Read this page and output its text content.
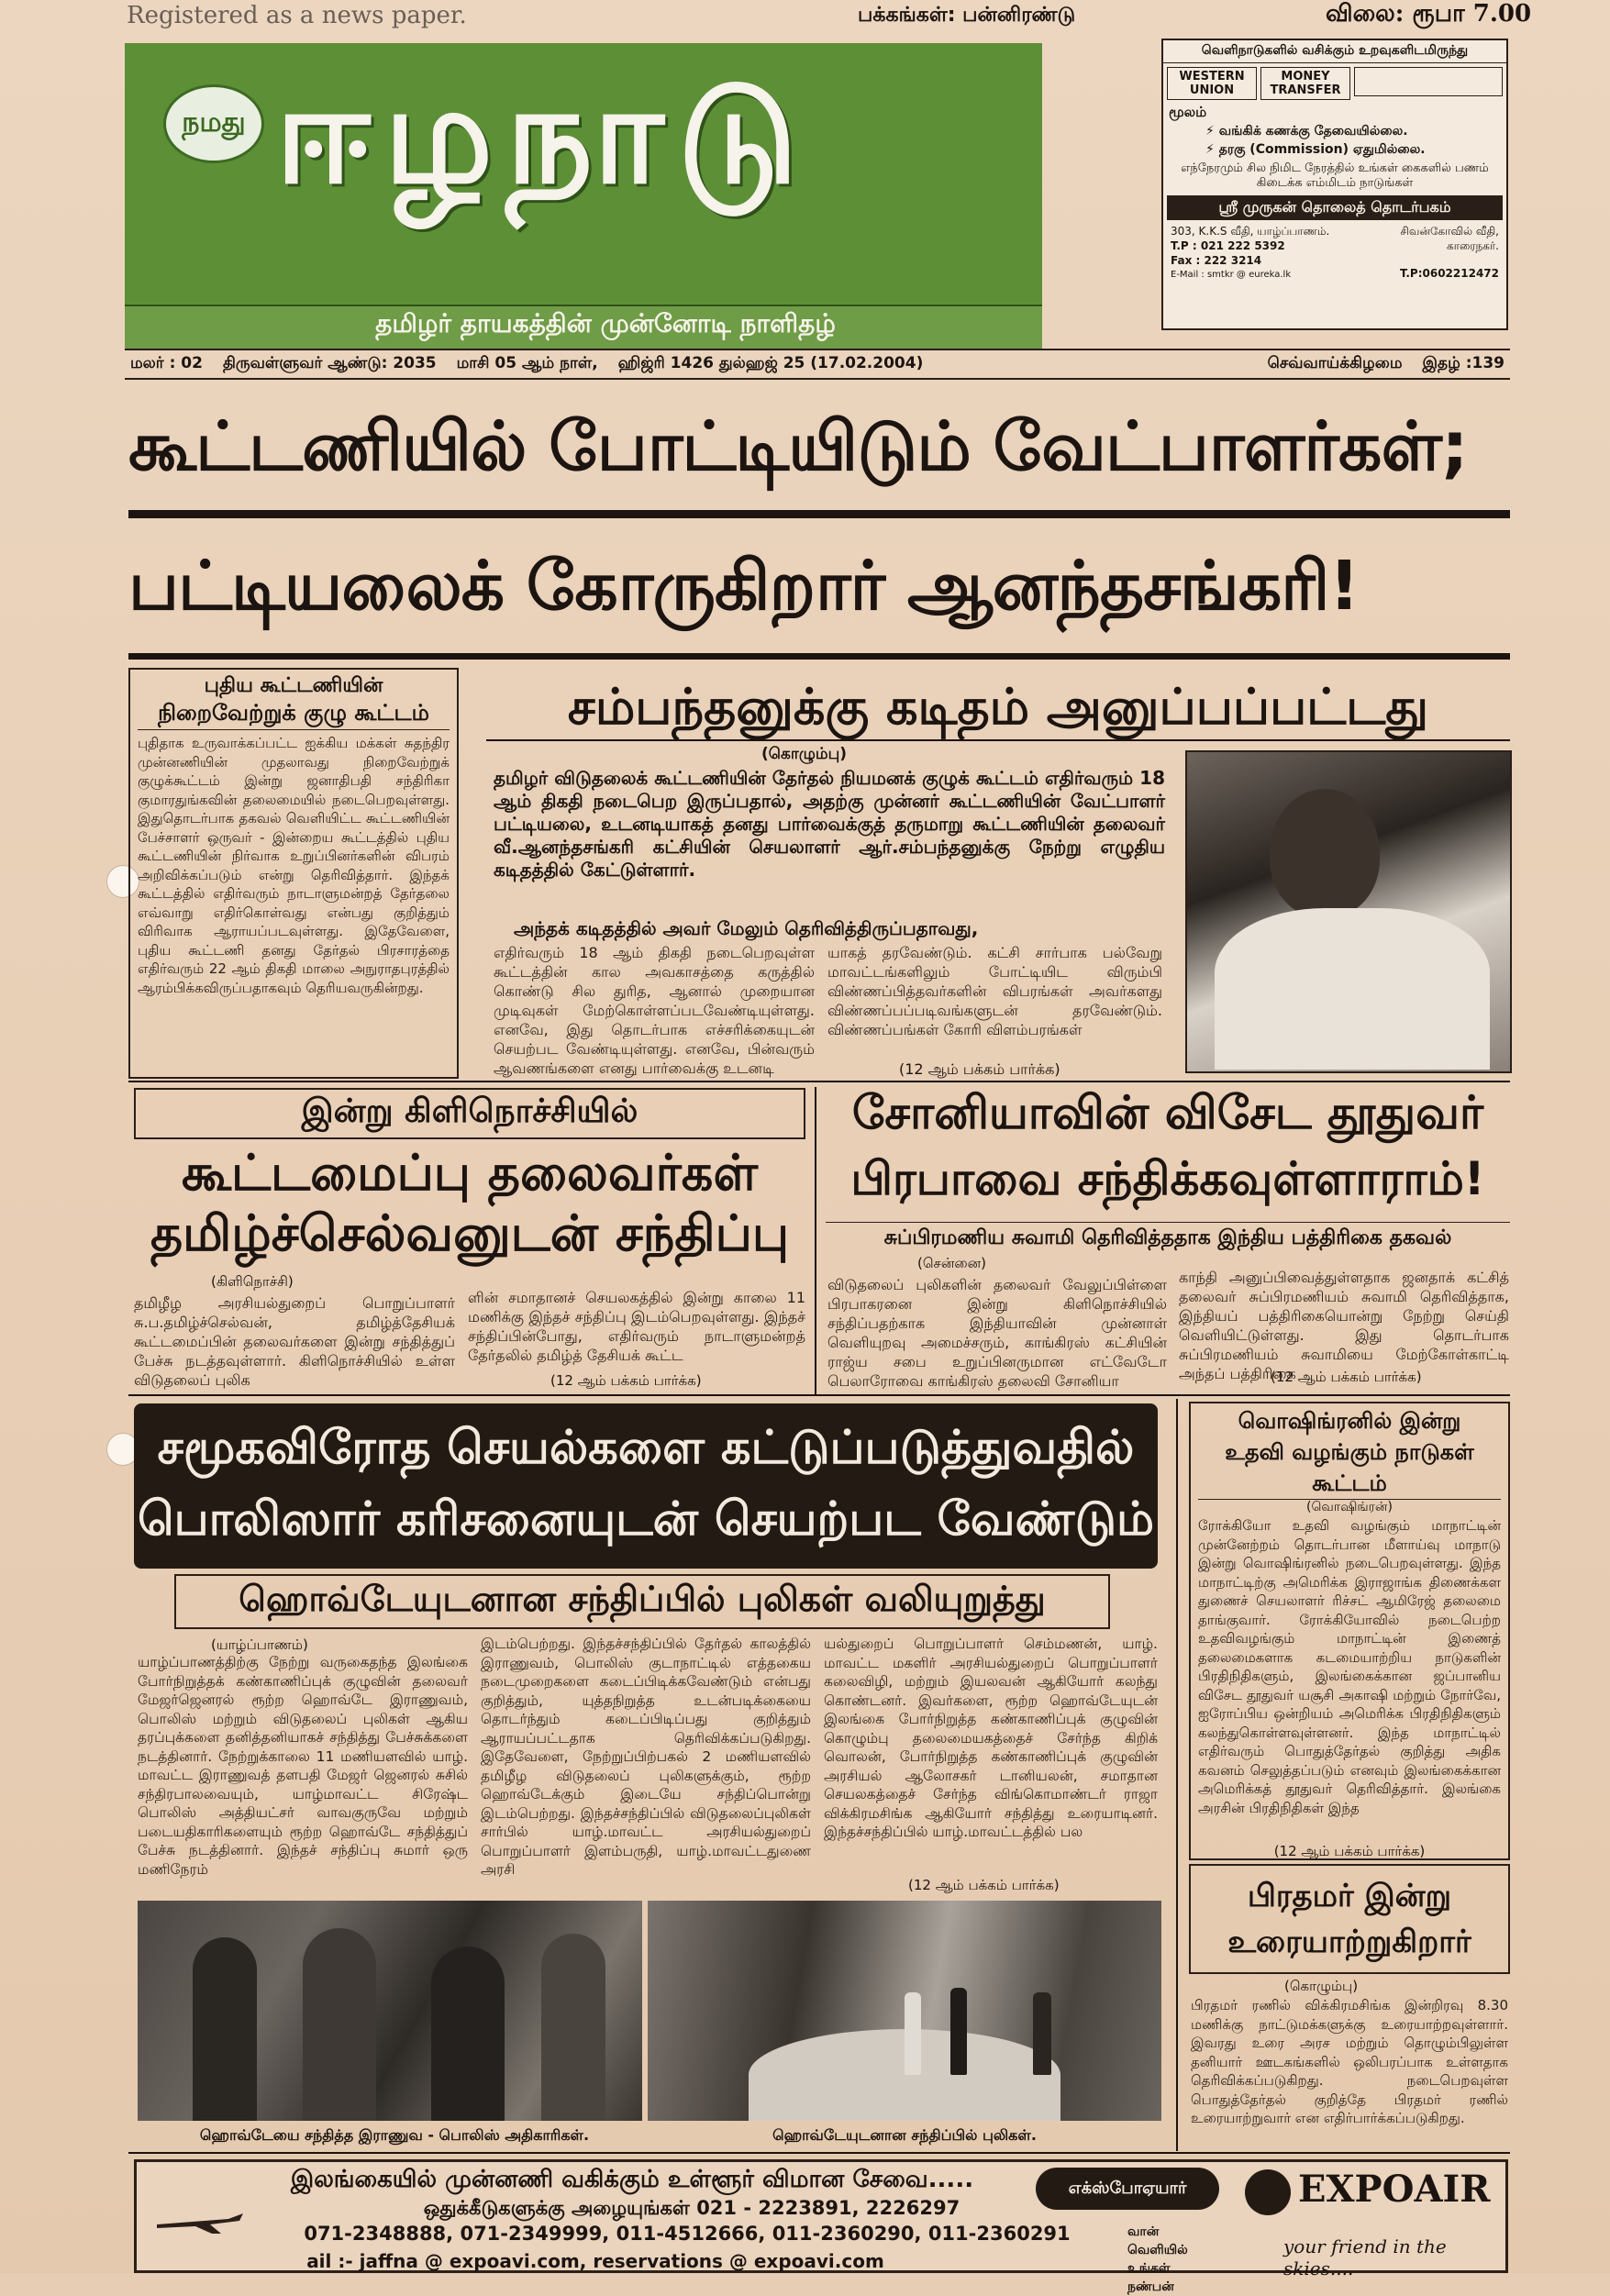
Registered as a news paper.	பக்கங்கள்: பன்னிரண்டு	விலை: ரூபா 7.00
நமது ஈழநாடு
தமிழர் தாயகத்தின் முன்னோடி நாளிதழ்
வெளிநாடுகளில் வசிக்கும் உறவுகளிடமிருந்து
WESTERN UNION
MONEY TRANSFER
மூலம்
⚡ வங்கிக் கணக்கு தேவையில்லை.
⚡ தரகு (Commission) ஏதுமில்லை.
எந்நேரமும் சில நிமிட நேரத்தில் உங்கள் கைகளில் பணம் கிடைக்க எம்மிடம் நாடுங்கள்
ஸ்ரீ முருகன் தொலைத் தொடர்பகம்
303, K.K.S வீதி, யாழ்ப்பாணம்.
T.P : 021 222 5392
Fax : 222 3214
E-Mail : smtkr @ eureka.lk
சிவன்கோவில் வீதி, காரைநகர்.
T.P:0602212472
மலர் : 02 திருவள்ளுவர் ஆண்டு: 2035 மாசி 05 ஆம் நாள், ஹிஜ்ரி 1426 துல்ஹஜ் 25 (17.02.2004)	செவ்வாய்க்கிழமை இதழ் :139
கூட்டணியில் போட்டியிடும் வேட்பாளர்கள்;
பட்டியலைக் கோருகிறார் ஆனந்தசங்கரி!
புதிய கூட்டணியின்
நிறைவேற்றுக் குழு கூட்டம்
புதிதாக உருவாக்கப்பட்ட ஐக்கிய மக்கள் சுதந்திர முன்னணியின் முதலாவது நிறைவேற்றுக் குழுக்கூட்டம் இன்று ஜனாதிபதி சந்திரிகா குமாரதுங்கவின் தலைமையில் நடைபெறவுள்ளது. இதுதொடர்பாக தகவல் வெளியிட்ட கூட்டணியின் பேச்சாளர் ஒருவர் - இன்றைய கூட்டத்தில் புதிய கூட்டணியின் நிர்வாக உறுப்பினர்களின் விபரம் அறிவிக்கப்படும் என்று தெரிவித்தார். இந்தக் கூட்டத்தில் எதிர்வரும் நாடாளுமன்றத் தேர்தலை எவ்வாறு எதிர்கொள்வது என்பது குறித்தும் விரிவாக ஆராயப்படவுள்ளது. இதேவேளை, புதிய கூட்டணி தனது தேர்தல் பிரசாரத்தை எதிர்வரும் 22 ஆம் திகதி மாலை அநுராதபுரத்தில் ஆரம்பிக்கவிருப்பதாகவும் தெரியவருகின்றது.
சம்பந்தனுக்கு கடிதம் அனுப்பப்பட்டது
(கொழும்பு)
தமிழர் விடுதலைக் கூட்டணியின் தேர்தல் நியமனக் குழுக் கூட்டம் எதிர்வரும் 18 ஆம் திகதி நடைபெற இருப்பதால், அதற்கு முன்னர் கூட்டணியின் வேட்பாளர் பட்டியலை, உடனடியாகத் தனது பார்வைக்குத் தருமாறு கூட்டணியின் தலைவர் வீ.ஆனந்தசங்கரி கட்சியின் செயலாளர் ஆர்.சம்பந்தனுக்கு நேற்று எழுதிய கடிதத்தில் கேட்டுள்ளார்.
அந்தக் கடிதத்தில் அவர் மேலும் தெரிவித்திருப்பதாவது,
எதிர்வரும் 18 ஆம் திகதி நடைபெறவுள்ள கூட்டத்தின் கால அவகாசத்தை கருத்தில் கொண்டு சில துரித, ஆனால் முறையான முடிவுகள் மேற்கொள்ளப்படவேண்டியுள்ளது. எனவே, இது தொடர்பாக எச்சரிக்கையுடன் செயற்பட வேண்டியுள்ளது. எனவே, பின்வரும் ஆவணங்களை எனது பார்வைக்கு உடனடி
யாகத் தரவேண்டும். கட்சி சார்பாக பல்வேறு மாவட்டங்களிலும் போட்டியிட விரும்பி விண்ணப்பித்தவர்களின் விபரங்கள் அவர்களது விண்ணப்பப்படிவங்களுடன் தரவேண்டும். விண்ணப்பங்கள் கோரி விளம்பரங்கள்
(12 ஆம் பக்கம் பார்க்க)
இன்று கிளிநொச்சியில்
கூட்டமைப்பு தலைவர்கள்
தமிழ்ச்செல்வனுடன் சந்திப்பு
(கிளிநொச்சி)
தமிழீழ அரசியல்துறைப் பொறுப்பாளர் சு.ப.தமிழ்ச்செல்வன், தமிழ்த்தேசியக் கூட்டமைப்பின் தலைவர்களை இன்று சந்தித்துப் பேச்சு நடத்தவுள்ளார். கிளிநொச்சியில் உள்ள விடுதலைப் புலிக
ளின் சமாதானச் செயலகத்தில் இன்று காலை 11 மணிக்கு இந்தச் சந்திப்பு இடம்பெறவுள்ளது. இந்தச் சந்திப்பின்போது, எதிர்வரும் நாடாளுமன்றத் தேர்தலில் தமிழ்த் தேசியக் கூட்ட
(12 ஆம் பக்கம் பார்க்க)
சோனியாவின் விசேட தூதுவர்
பிரபாவை சந்திக்கவுள்ளாராம்!
சுப்பிரமணிய சுவாமி தெரிவித்ததாக இந்திய பத்திரிகை தகவல்
(சென்னை)
விடுதலைப் புலிகளின் தலைவர் வேலுப்பிள்ளை பிரபாகரனை இன்று கிளிநொச்சியில் சந்திப்பதற்காக இந்தியாவின் முன்னாள் வெளியுறவு அமைச்சரும், காங்கிரஸ் கட்சியின் ராஜ்ய சபை உறுப்பினருமான எட்வேடோ பெலாரோவை காங்கிரஸ் தலைவி சோனியா
காந்தி அனுப்பிவைத்துள்ளதாக ஜனதாக் கட்சித் தலைவர் சுப்பிரமணியம் சுவாமி தெரிவித்தாக, இந்தியப் பத்திரிகையொன்று நேற்று செய்தி வெளியிட்டுள்ளது. இது தொடர்பாக சுப்பிரமணியம் சுவாமியை மேற்கோள்காட்டி அந்தப் பத்திரிகை
(12 ஆம் பக்கம் பார்க்க)
சமூகவிரோத செயல்களை கட்டுப்படுத்துவதில்
பொலிஸார் கரிசனையுடன் செயற்பட வேண்டும்
ஹொவ்டேயுடனான சந்திப்பில் புலிகள் வலியுறுத்து
(யாழ்ப்பாணம்)
யாழ்ப்பாணத்திற்கு நேற்று வருகைதந்த இலங்கை போர்நிறுத்தக் கண்காணிப்புக் குழுவின் தலைவர் மேஜர்ஜெனரல் ரூற்ற ஹொவ்டே இராணுவம், பொலிஸ் மற்றும் விடுதலைப் புலிகள் ஆகிய தரப்புக்களை தனித்தனியாகச் சந்தித்து பேச்சுக்களை நடத்தினார். நேற்றுக்காலை 11 மணியளவில் யாழ். மாவட்ட இராணுவத் தளபதி மேஜர் ஜெனரல் சுசில் சந்திரபாலவையும், யாழ்மாவட்ட சிரேஷ்ட பொலிஸ் அத்தியட்சர் வாவகுருவே மற்றும் படையதிகாரிகளையும் ரூற்ற ஹொவ்டே சந்தித்துப் பேச்சு நடத்தினார். இந்தச் சந்திப்பு சுமார் ஒரு மணிநேரம்
இடம்பெற்றது. இந்தச்சந்திப்பில் தேர்தல் காலத்தில் இராணுவம், பொலிஸ் குடாநாட்டில் எத்தகைய நடைமுறைகளை கடைப்பிடிக்கவேண்டும் என்பது குறித்தும், யுத்தநிறுத்த உடன்படிக்கையை தொடர்ந்தும் கடைப்பிடிப்பது குறித்தும் ஆராயப்பட்டதாக தெரிவிக்கப்படுகிறது. இதேவேளை, நேற்றுப்பிற்பகல் 2 மணியளவில் தமிழீழ விடுதலைப் புலிகளுக்கும், ரூற்ற ஹொவ்டேக்கும் இடையே சந்திப்பொன்று இடம்பெற்றது. இந்தச்சந்திப்பில் விடுதலைப்புலிகள் சார்பில் யாழ்.மாவட்ட அரசியல்துறைப் பொறுப்பாளர் இளம்பருதி, யாழ்.மாவட்டதுணை அரசி
யல்துறைப் பொறுப்பாளர் செம்மணன், யாழ். மாவட்ட மகளிர் அரசியல்துறைப் பொறுப்பாளர் கலைவிழி, மற்றும் இயலவன் ஆகியோர் கலந்து கொண்டனர். இவர்களை, ரூற்ற ஹொவ்டேயுடன் இலங்கை போர்நிறுத்த கண்காணிப்புக் குழுவின் கொழும்பு தலைமையகத்தைச் சேர்ந்த கிறிக் வொலன், போர்நிறுத்த கண்காணிப்புக் குழுவின் அரசியல் ஆலோசகர் டானியலன், சமாதான செயலகத்தைச் சேர்ந்த விங்கொமாண்டர் ராஜா விக்கிரமசிங்க ஆகியோர் சந்தித்து உரையாடினர். இந்தச்சந்திப்பில் யாழ்.மாவட்டத்தில் பல
(12 ஆம் பக்கம் பார்க்க)
வொஷிங்ரனில் இன்று
உதவி வழங்கும் நாடுகள் கூட்டம்
(வொஷிங்ரன்)
ரோக்கியோ உதவி வழங்கும் மாநாட்டின் முன்னேற்றம் தொடர்பான மீளாய்வு மாநாடு இன்று வொஷிங்ரனில் நடைபெறவுள்ளது. இந்த மாநாட்டிற்கு அமெரிக்க இராஜாங்க திணைக்கள துணைச் செயலாளர் ரிச்சட் ஆமிரேஜ் தலைமை தாங்குவார். ரோக்கியோவில் நடைபெற்ற உதவிவழங்கும் மாநாட்டின் இணைத் தலைமைகளாக கடமையாற்றிய நாடுகளின் பிரதிநிதிகளும், இலங்கைக்கான ஜப்பானிய விசேட தூதுவர் யசூசி அகாஷி மற்றும் நோர்வே, ஐரோப்பிய ஒன்றியம் அமெரிக்க பிரதிநிதிகளும் கலந்துகொள்ளவுள்ளனர். இந்த மாநாட்டில் எதிர்வரும் பொதுத்தேர்தல் குறித்து அதிக கவனம் செலுத்தப்படும் எனவும் இலங்கைக்கான அமெரிக்கத் தூதுவர் தெரிவித்தார். இலங்கை அரசின் பிரதிநிதிகள் இந்த
(12 ஆம் பக்கம் பார்க்க)
பிரதமர் இன்று
உரையாற்றுகிறார்
(கொழும்பு)
பிரதமர் ரணில் விக்கிரமசிங்க இன்றிரவு 8.30 மணிக்கு நாட்டுமக்களுக்கு உரையாற்றவுள்ளார். இவரது உரை அரச மற்றும் தொழும்பிலுள்ள தனியார் ஊடகங்களில் ஒலிபரப்பாக உள்ளதாக தெரிவிக்கப்படுகிறது. நடைபெறவுள்ள பொதுத்தேர்தல் குறித்தே பிரதமர் ரணில் உரையாற்றுவார் என எதிர்பார்க்கப்படுகிறது.
ஹொவ்டேயை சந்தித்த இராணுவ - பொலிஸ் அதிகாரிகள்.	ஹொவ்டேயுடனான சந்திப்பில் புலிகள்.
இலங்கையில் முன்னணி வகிக்கும் உள்ளூர் விமான சேவை.....
ஒதுக்கீடுகளுக்கு அழையுங்கள் 021 - 2223891, 2226297
071-2348888, 071-2349999, 011-4512666, 011-2360290, 011-2360291
ail :- jaffna @ expoavi.com, reservations @ expoavi.com
எக்ஸ்போஏயார்	EXPOAIR
வான் வெளியில் உங்கள் நண்பன்
your friend in the skies....
